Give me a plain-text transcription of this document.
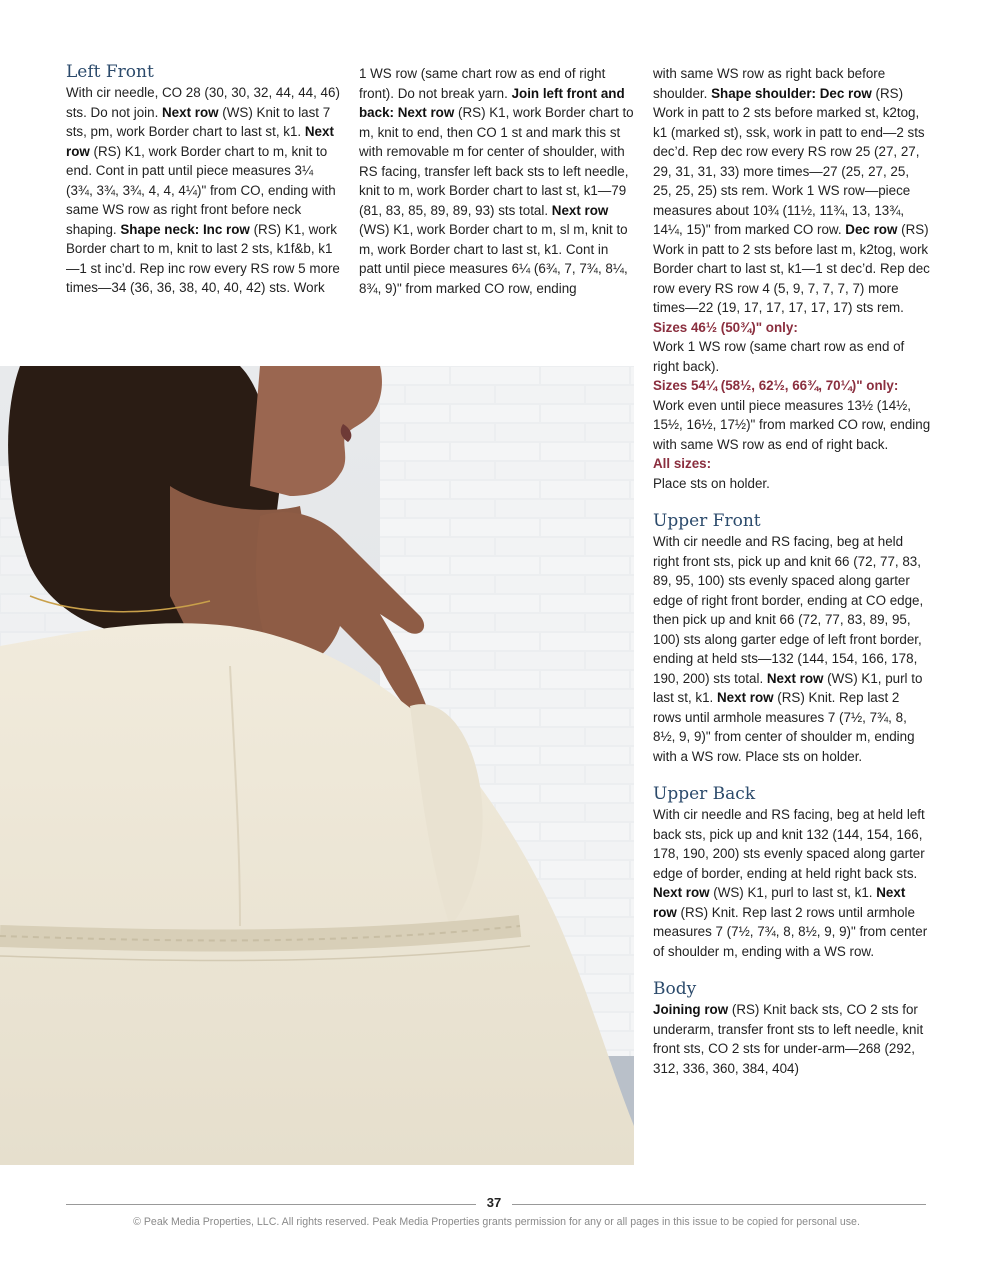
Left Front

With cir needle, CO 28 (30, 30, 32, 44, 44, 46) sts. Do not join. Next row (WS) Knit to last 7 sts, pm, work Border chart to last st, k1. Next row (RS) K1, work Border chart to m, knit to end. Cont in patt until piece measures 3¼ (3¾, 3¾, 3¾, 4, 4, 4¼)" from CO, ending with same WS row as right front before neck shaping. Shape neck: Inc row (RS) K1, work Border chart to m, knit to last 2 sts, k1f&b, k1—1 st inc’d. Rep inc row every RS row 5 more times—34 (36, 36, 38, 40, 40, 42) sts. Work

1 WS row (same chart row as end of right front). Do not break yarn. Join left front and back: Next row (RS) K1, work Border chart to m, knit to end, then CO 1 st and mark this st with removable m for center of shoulder, with RS facing, transfer left back sts to left needle, knit to m, work Border chart to last st, k1—79 (81, 83, 85, 89, 89, 93) sts total. Next row (WS) K1, work Border chart to m, sl m, knit to m, work Border chart to last st, k1. Cont in patt until piece measures 6¼ (6¾, 7, 7¾, 8¼, 8¾, 9)" from marked CO row, ending

with same WS row as right back before shoulder. Shape shoulder: Dec row (RS) Work in patt to 2 sts before marked st, k2tog, k1 (marked st), ssk, work in patt to end—2 sts dec’d. Rep dec row every RS row 25 (27, 27, 29, 31, 31, 33) more times—27 (25, 27, 25, 25, 25, 25) sts rem. Work 1 WS row—piece measures about 10¾ (11½, 11¾, 13, 13¾, 14¼, 15)" from marked CO row. Dec row (RS) Work in patt to 2 sts before last m, k2tog, work Border chart to last st, k1—1 st dec’d. Rep dec row every RS row 4 (5, 9, 7, 7, 7, 7) more times—22 (19, 17, 17, 17, 17, 17) sts rem.

Sizes 46½ (50¾)" only:

Work 1 WS row (same chart row as end of right back).

Sizes 54¼ (58½, 62½, 66¾, 70¼)" only:

Work even until piece measures 13½ (14½, 15½, 16½, 17½)" from marked CO row, ending with same WS row as end of right back.

All sizes:

Place sts on holder.

Upper Front

With cir needle and RS facing, beg at held right front sts, pick up and knit 66 (72, 77, 83, 89, 95, 100) sts evenly spaced along garter edge of right front border, ending at CO edge, then pick up and knit 66 (72, 77, 83, 89, 95, 100) sts along garter edge of left front border, ending at held sts—132 (144, 154, 166, 178, 190, 200) sts total. Next row (WS) K1, purl to last st, k1. Next row (RS) Knit. Rep last 2 rows until armhole measures 7 (7½, 7¾, 8, 8½, 9, 9)" from center of shoulder m, ending with a WS row. Place sts on holder.

Upper Back

With cir needle and RS facing, beg at held left back sts, pick up and knit 132 (144, 154, 166, 178, 190, 200) sts evenly spaced along garter edge of border, ending at held right back sts. Next row (WS) K1, purl to last st, k1. Next row (RS) Knit. Rep last 2 rows until armhole measures 7 (7½, 7¾, 8, 8½, 9, 9)" from center of shoulder m, ending with a WS row.

Body

Joining row (RS) Knit back sts, CO 2 sts for underarm, transfer front sts to left needle, knit front sts, CO 2 sts for under-arm—268 (292, 312, 336, 360, 384, 404)

37
© Peak Media Properties, LLC. All rights reserved. Peak Media Properties grants permission for any or all pages in this issue to be copied for personal use.
